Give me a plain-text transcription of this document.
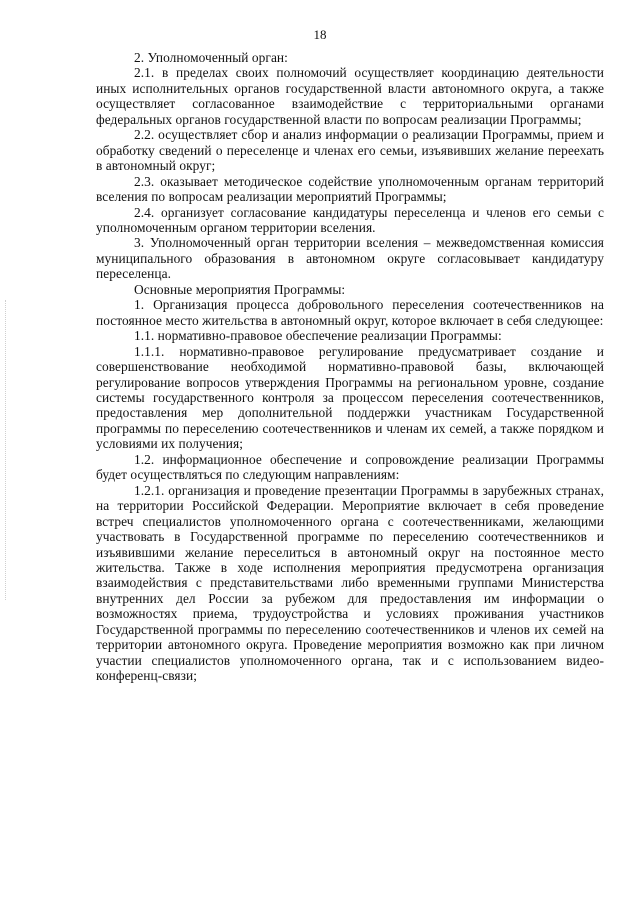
18

2. Уполномоченный орган:

2.1. в пределах своих полномочий осуществляет координацию деятельности иных исполнительных органов государственной власти автономного округа, а также осуществляет согласованное взаимодействие с территориальными органами федеральных органов государственной власти по вопросам реализации Программы;

2.2. осуществляет сбор и анализ информации о реализации Программы, прием и обработку сведений о переселенце и членах его семьи, изъявивших желание переехать в автономный округ;

2.3. оказывает методическое содействие уполномоченным органам территорий вселения по вопросам реализации мероприятий Программы;

2.4. организует согласование кандидатуры переселенца и членов его семьи с уполномоченным органом территории вселения.

3. Уполномоченный орган территории вселения – межведомственная комиссия муниципального образования в автономном округе согласовывает кандидатуру переселенца.

Основные мероприятия Программы:

1. Организация процесса добровольного переселения соотечественников на постоянное место жительства в автономный округ, которое включает в себя следующее:

1.1. нормативно-правовое обеспечение реализации Программы:

1.1.1. нормативно-правовое регулирование предусматривает создание и совершенствование необходимой нормативно-правовой базы, включающей регулирование вопросов утверждения Программы на региональном уровне, создание системы государственного контроля за процессом переселения соотечественников, предоставления мер дополнительной поддержки участникам Государственной программы по переселению соотечественников и членам их семей, а также порядком и условиями их получения;

1.2. информационное обеспечение и сопровождение реализации Программы будет осуществляться по следующим направлениям:

1.2.1. организация и проведение презентации Программы в зарубежных странах, на территории Российской Федерации. Мероприятие включает в себя проведение встреч специалистов уполномоченного органа с соотечественниками, желающими участвовать в Государственной программе по переселению соотечественников и изъявившими желание переселиться в автономный округ на постоянное место жительства. Также в ходе исполнения мероприятия предусмотрена организация взаимодействия с представительствами либо временными группами Министерства внутренних дел России за рубежом для предоставления им информации о возможностях приема, трудоустройства и условиях проживания участников Государственной программы по переселению соотечественников и членов их семей на территории автономного округа. Проведение мероприятия возможно как при личном участии специалистов уполномоченного органа, так и с использованием видео-конференц-связи;
